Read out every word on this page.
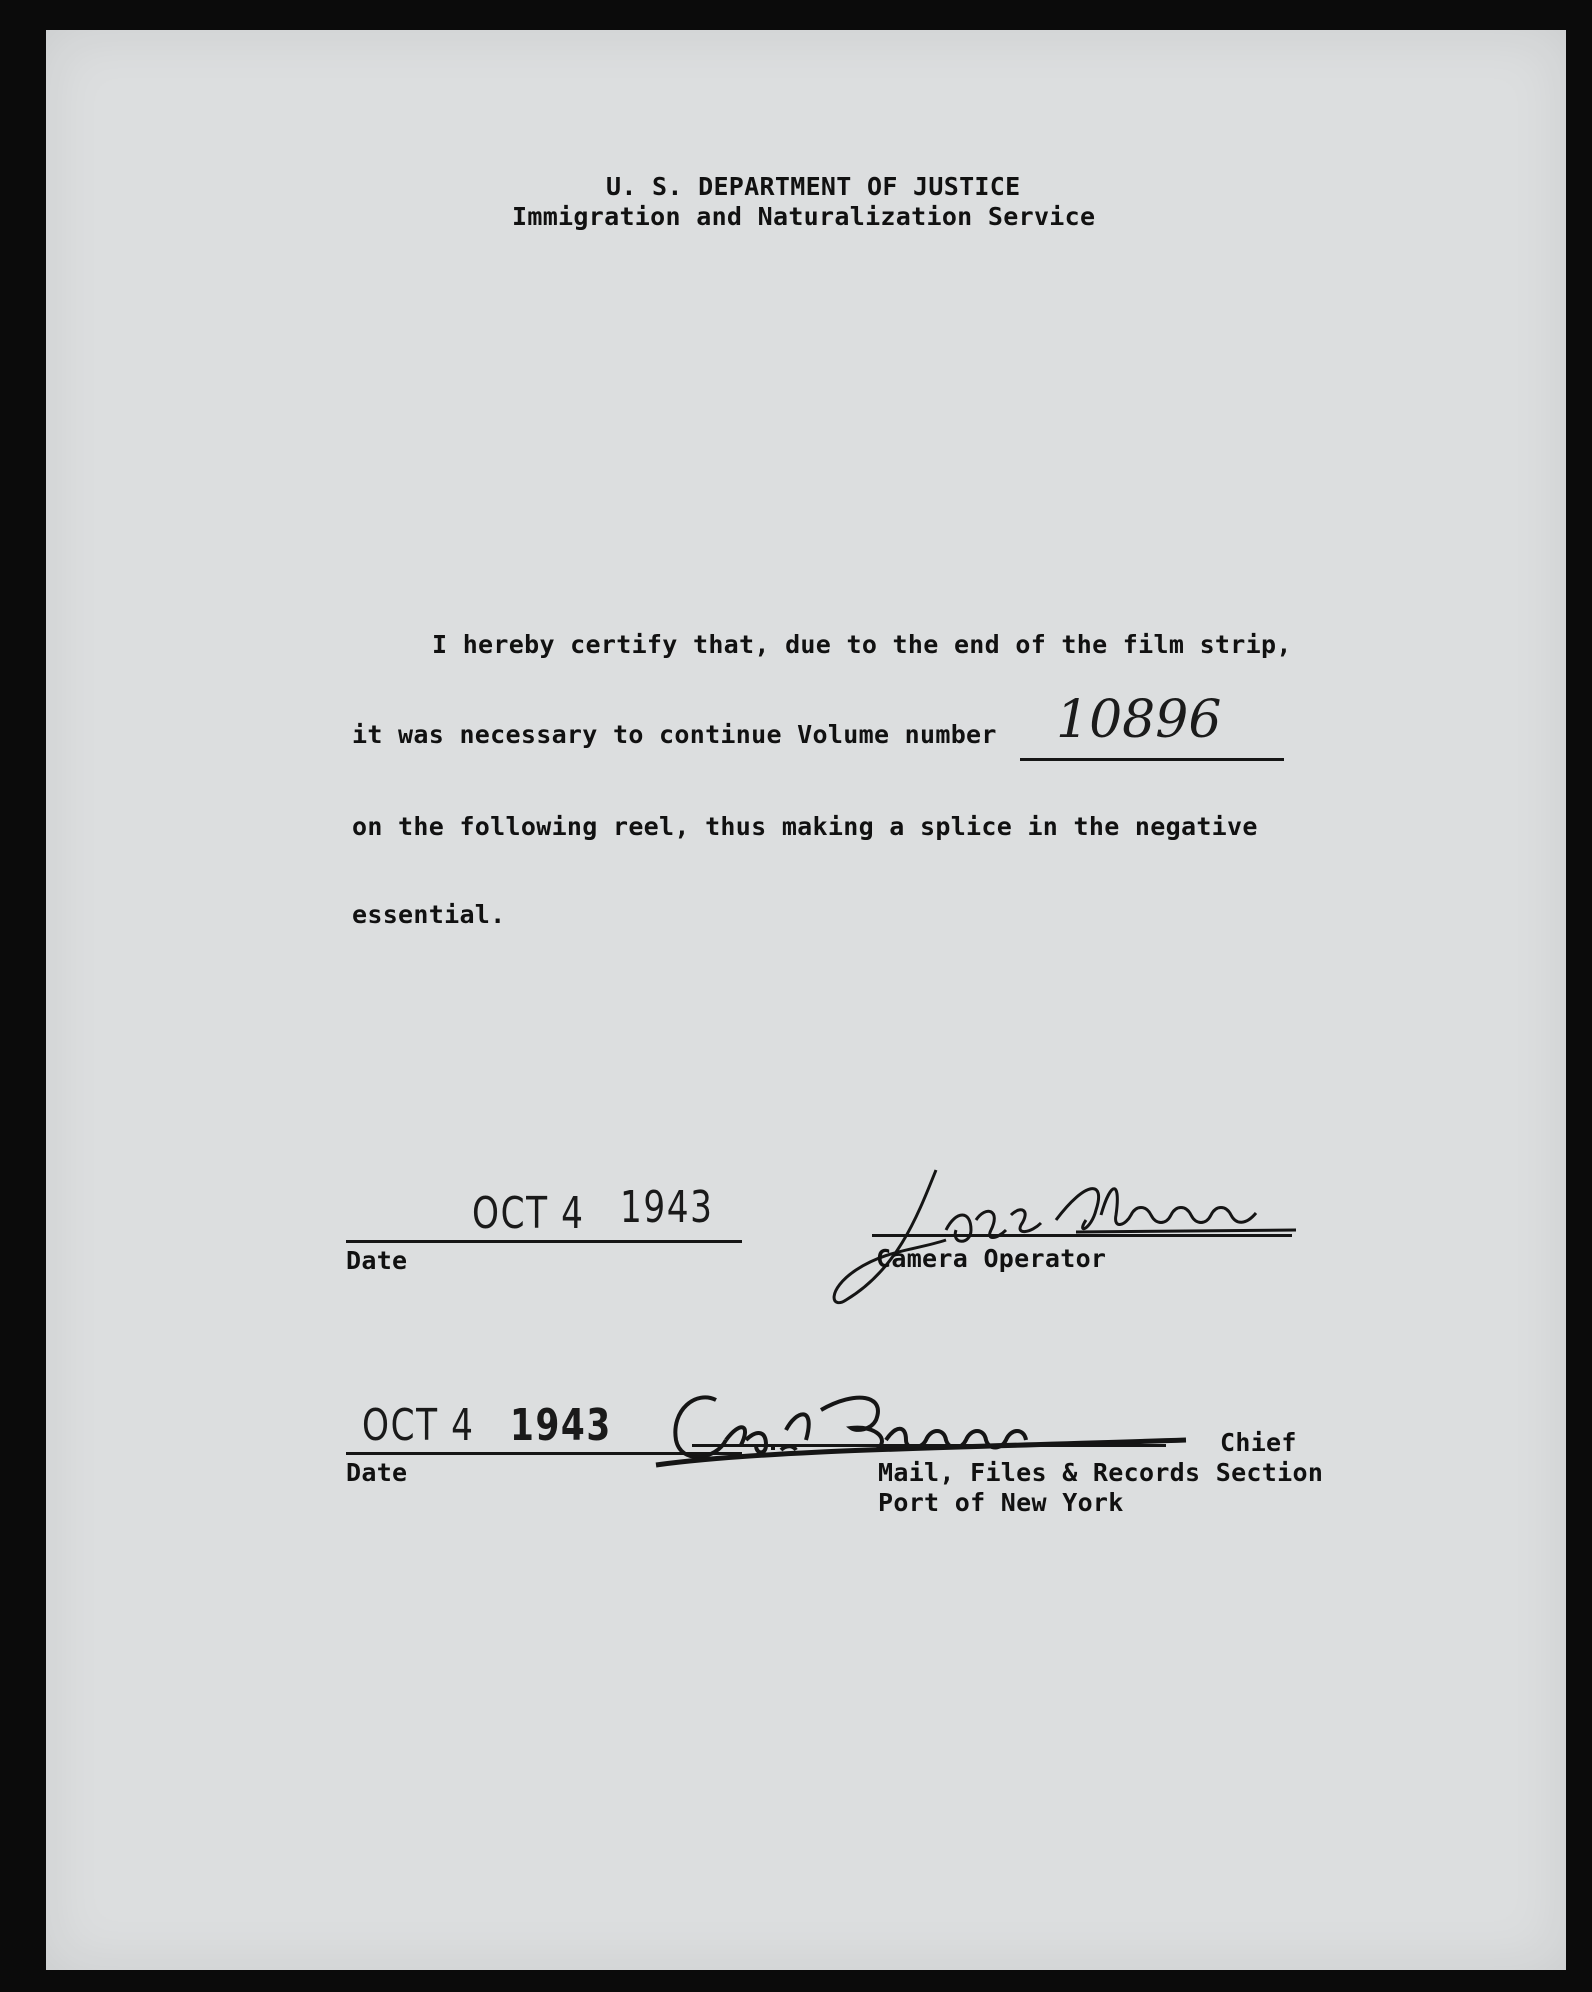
U. S. DEPARTMENT OF JUSTICE
Immigration and Naturalization Service
I hereby certify that, due to the end of the film strip,
it was necessary to continue Volume number 10896
on the following reel, thus making a splice in the negative
essential.
OCT 4 1943
Date	Camera Operator
OCT 4 1943
Date
Chief
Mail, Files & Records Section
Port of New York
